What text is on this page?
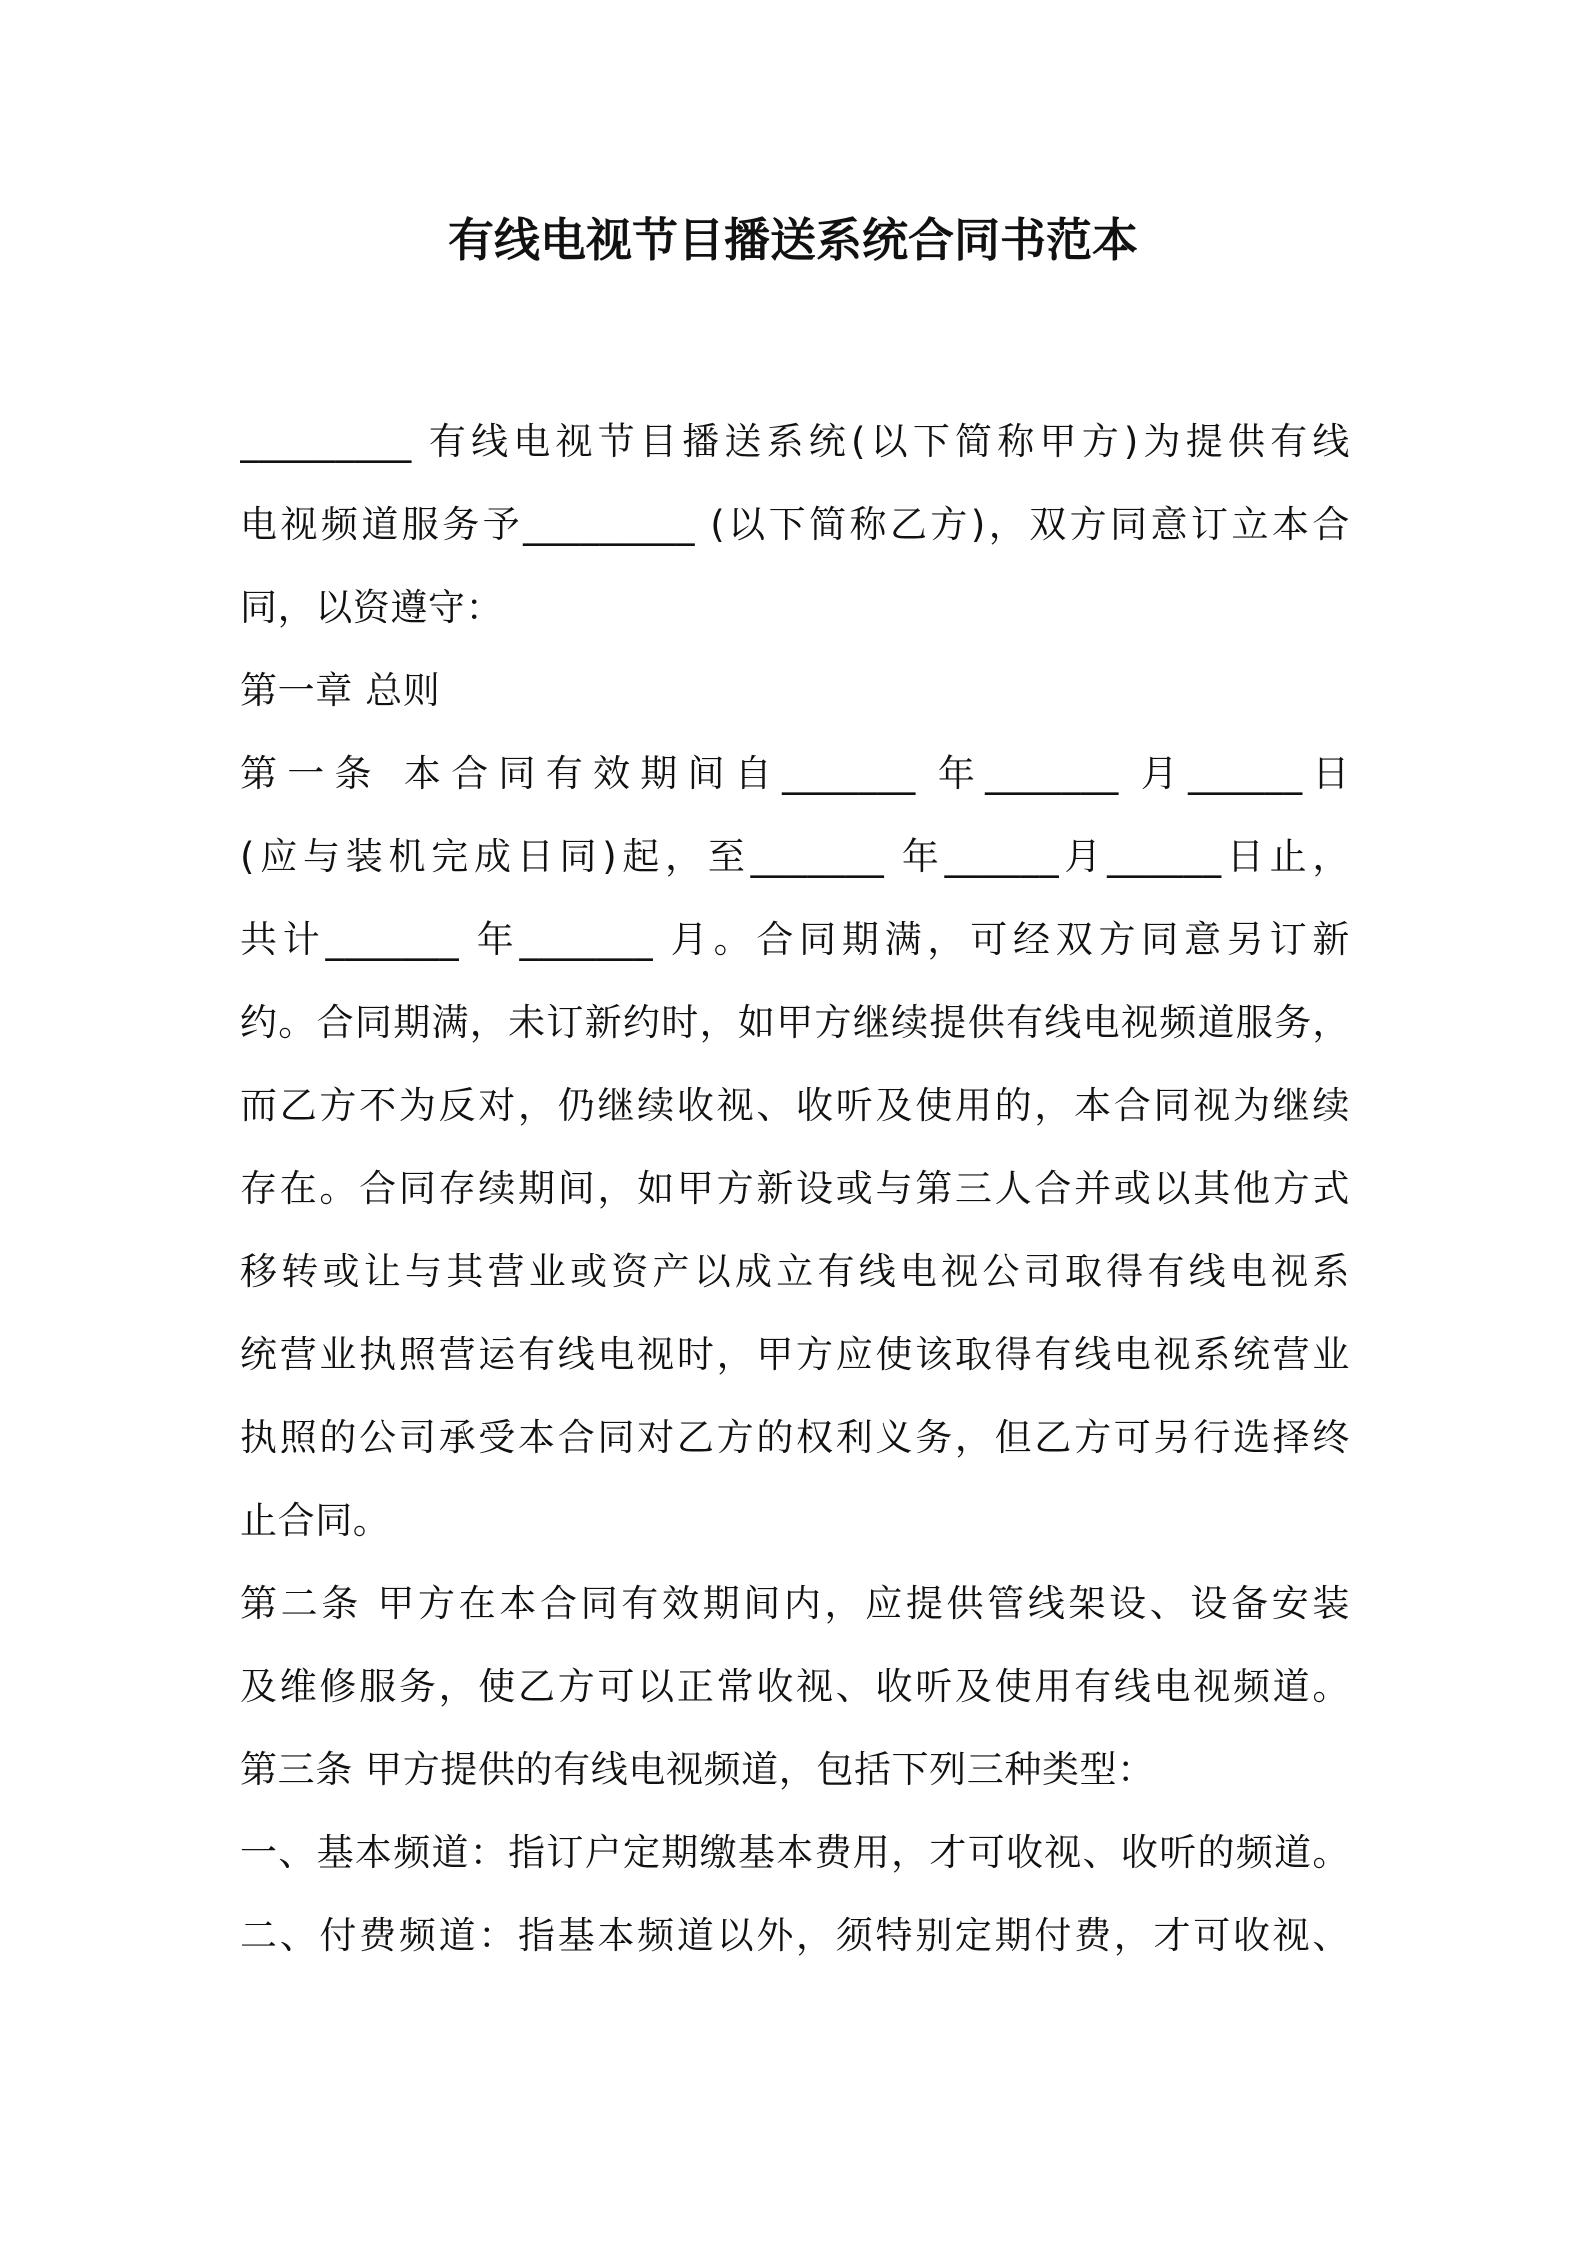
有线电视节目播送系统合同书范本
_________ 有线电视节目播送系统(以下简称甲方)为提供有线
电视频道服务予_________ (以下简称乙方)，双方同意订立本合
同，以资遵守：
第一章 总则
第一条 本合同有效期间自_______ 年_______ 月______日
(应与装机完成日同)起，至_______ 年______月______日止，
共计_______ 年_______ 月。合同期满，可经双方同意另订新
约。合同期满，未订新约时，如甲方继续提供有线电视频道服务，
而乙方不为反对，仍继续收视、收听及使用的，本合同视为继续
存在。合同存续期间，如甲方新设或与第三人合并或以其他方式
移转或让与其营业或资产以成立有线电视公司取得有线电视系
统营业执照营运有线电视时，甲方应使该取得有线电视系统营业
执照的公司承受本合同对乙方的权利义务，但乙方可另行选择终
止合同。
第二条 甲方在本合同有效期间内，应提供管线架设、设备安装
及维修服务，使乙方可以正常收视、收听及使用有线电视频道。
第三条 甲方提供的有线电视频道，包括下列三种类型：
一、基本频道：指订户定期缴基本费用，才可收视、收听的频道。
二、付费频道：指基本频道以外，须特别定期付费，才可收视、
